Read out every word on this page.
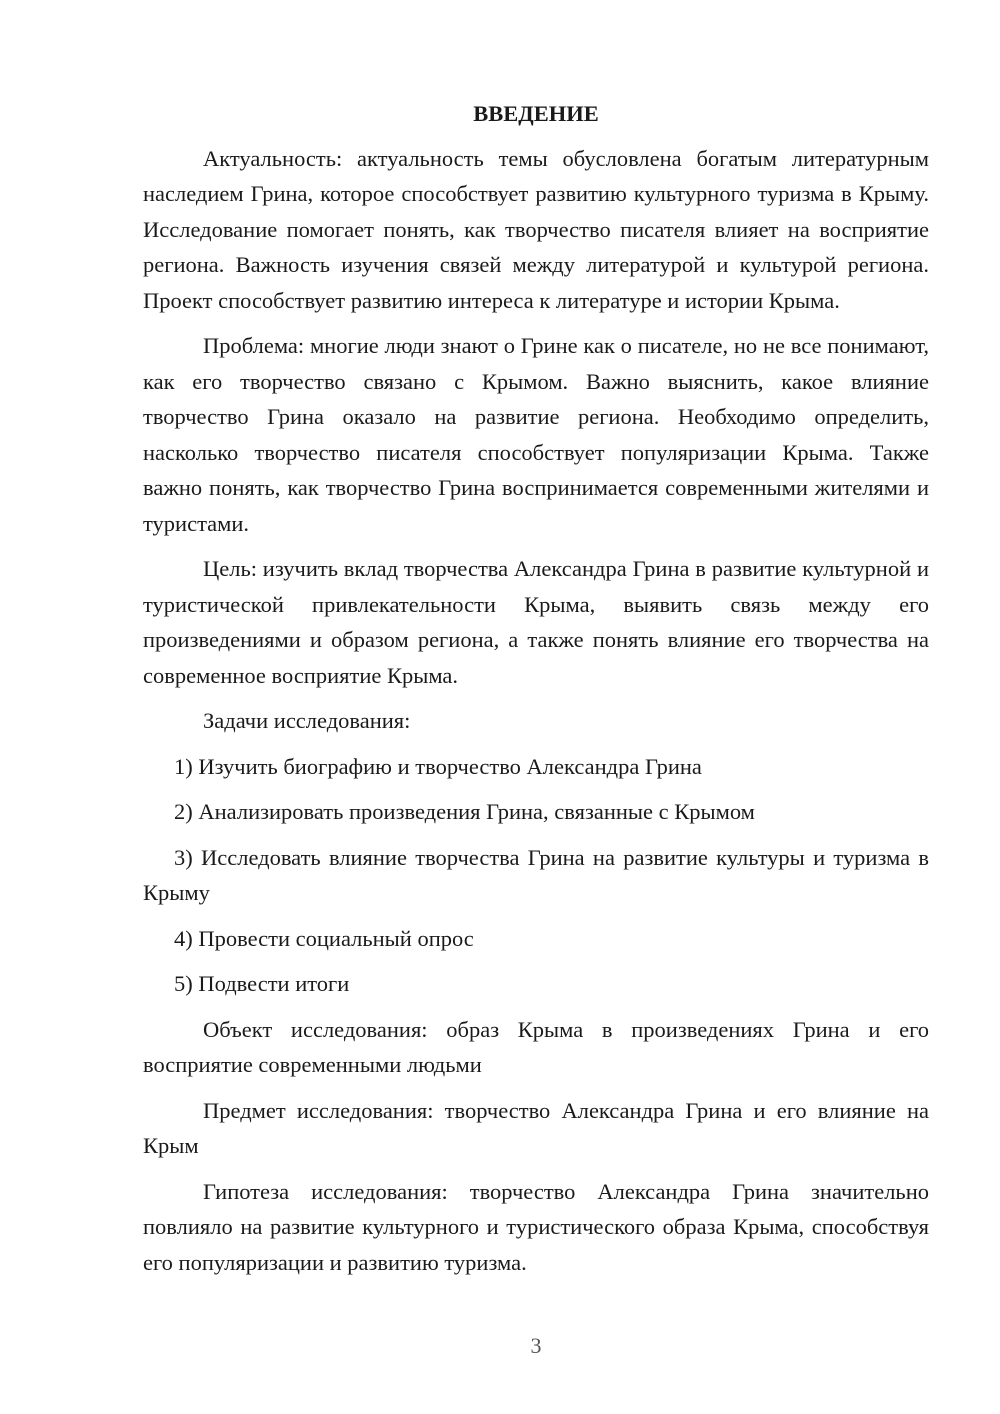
ВВЕДЕНИЕ

Актуальность: актуальность темы обусловлена богатым литературным наследием Грина, которое способствует развитию культурного туризма в Крыму. Исследование помогает понять, как творчество писателя влияет на восприятие региона. Важность изучения связей между литературой и культурой региона. Проект способствует развитию интереса к литературе и истории Крыма.

Проблема: многие люди знают о Грине как о писателе, но не все понимают, как его творчество связано с Крымом. Важно выяснить, какое влияние творчество Грина оказало на развитие региона. Необходимо определить, насколько творчество писателя способствует популяризации Крыма. Также важно понять, как творчество Грина воспринимается современными жителями и туристами.

Цель: изучить вклад творчества Александра Грина в развитие культурной и туристической привлекательности Крыма, выявить связь между его произведениями и образом региона, а также понять влияние его творчества на современное восприятие Крыма.

Задачи исследования:

1) Изучить биографию и творчество Александра Грина

2) Анализировать произведения Грина, связанные с Крымом

3) Исследовать влияние творчества Грина на развитие культуры и туризма в Крыму

4) Провести социальный опрос

5) Подвести итоги

Объект исследования: образ Крыма в произведениях Грина и его восприятие современными людьми

Предмет исследования: творчество Александра Грина и его влияние на Крым

Гипотеза исследования: творчество Александра Грина значительно повлияло на развитие культурного и туристического образа Крыма, способствуя его популяризации и развитию туризма.

3
